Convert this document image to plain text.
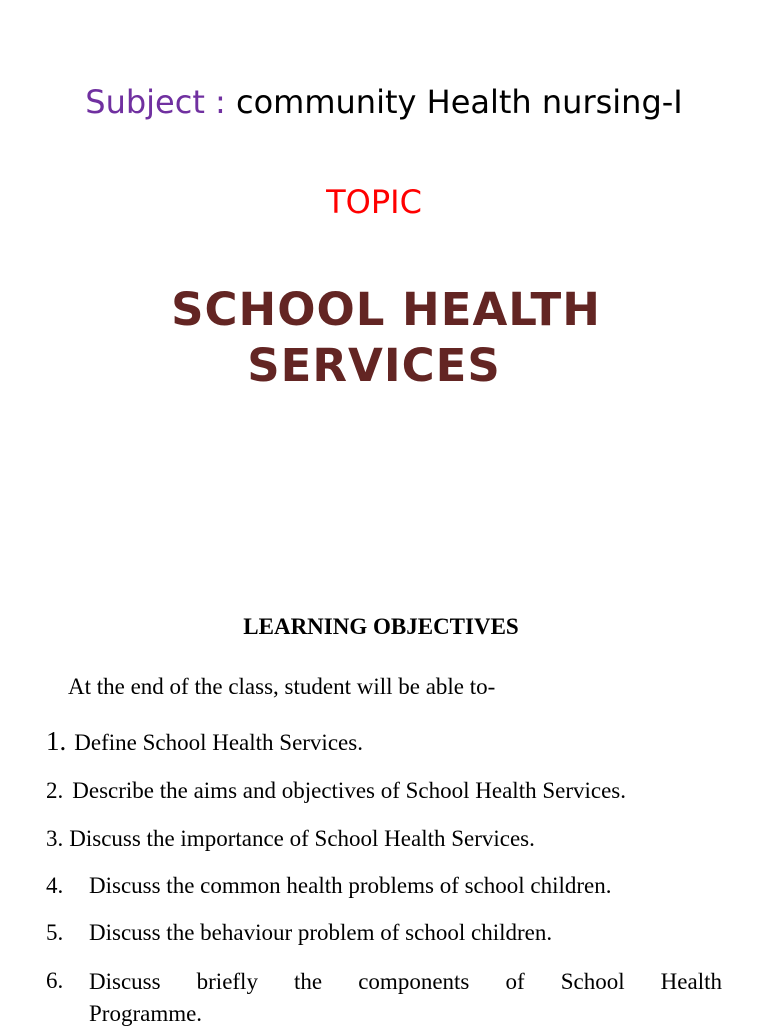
Subject : community Health nursing-I
TOPIC
SCHOOL HEALTH
SERVICES
LEARNING OBJECTIVES
At the end of the class, student will be able to-
1. Define School Health Services.
2. Describe the aims and objectives of School Health Services.
3. Discuss the importance of School Health Services.
4. Discuss the common health problems of school children.
5. Discuss the behaviour problem of school children.
6.	Discuss briefly the components of School Health
Programme.
